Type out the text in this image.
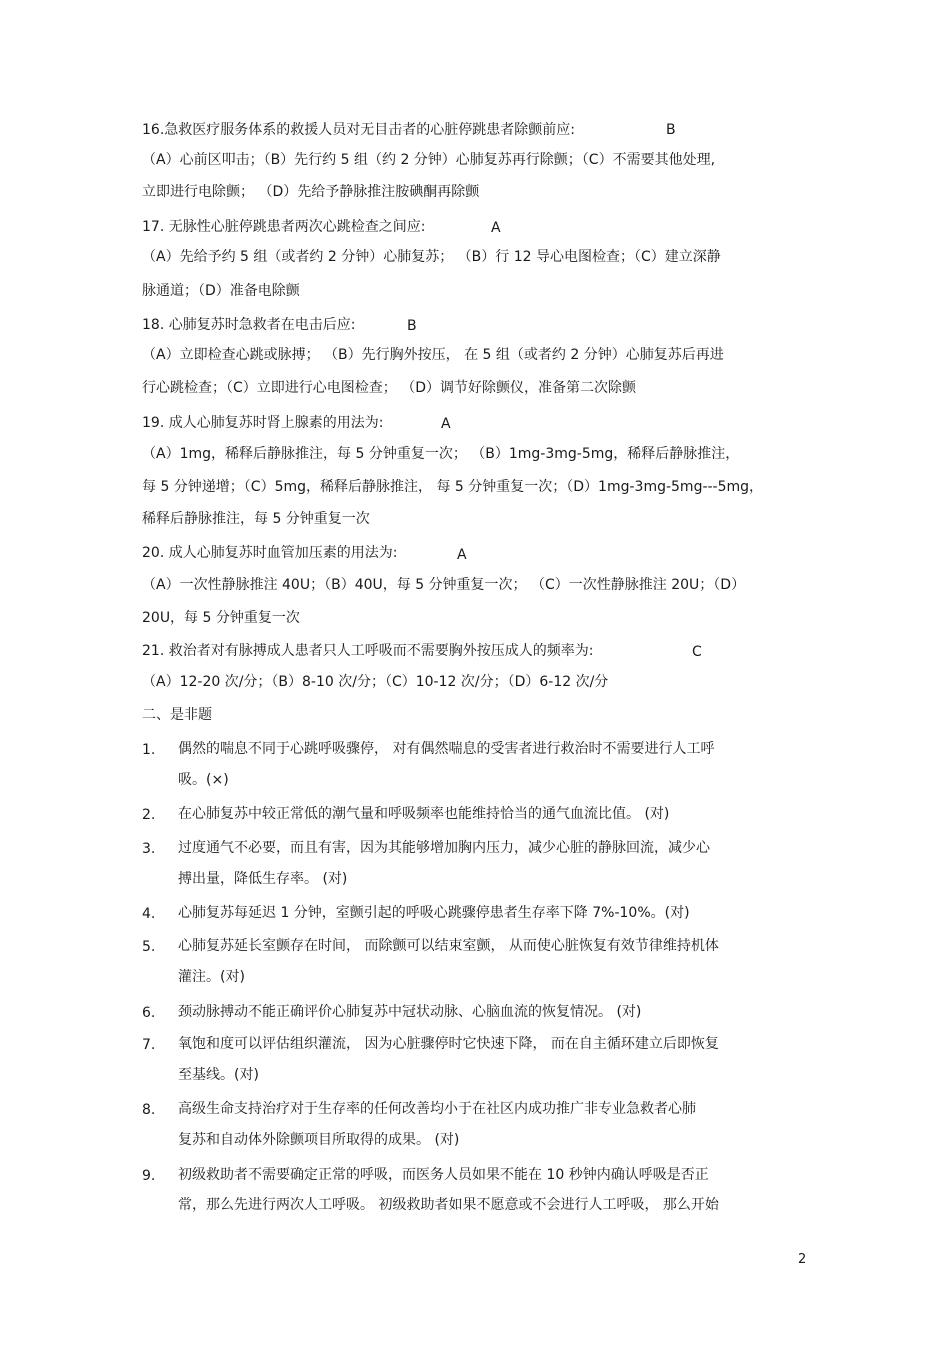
16.急救医疗服务体系的救援人员对无目击者的心脏停跳患者除颤前应:	B
（A）心前区叩击；（B）先行约 5 组（约 2 分钟）心肺复苏再行除颤；（C）不需要其他处理,
立即进行电除颤； （D）先给予静脉推注胺碘酮再除颤
17. 无脉性心脏停跳患者两次心跳检查之间应:	A
（A）先给予约 5 组（或者约 2 分钟）心肺复苏； （B）行 12 导心电图检查；（C）建立深静
脉通道；（D）准备电除颤
18. 心肺复苏时急救者在电击后应:	B
（A）立即检查心跳或脉搏； （B）先行胸外按压， 在 5 组（或者约 2 分钟）心肺复苏后再进
行心跳检查；（C）立即进行心电图检查； （D）调节好除颤仪，准备第二次除颤
19. 成人心肺复苏时肾上腺素的用法为:	A
（A）1mg，稀释后静脉推注，每 5 分钟重复一次； （B）1mg-3mg-5mg，稀释后静脉推注，
每 5 分钟递增；（C）5mg，稀释后静脉推注， 每 5 分钟重复一次；（D）1mg-3mg-5mg---5mg，
稀释后静脉推注，每 5 分钟重复一次
20. 成人心肺复苏时血管加压素的用法为:	A
（A）一次性静脉推注 40U；（B）40U，每 5 分钟重复一次； （C）一次性静脉推注 20U；（D）
20U，每 5 分钟重复一次
21. 救治者对有脉搏成人患者只人工呼吸而不需要胸外按压成人的频率为:	C
（A）12-20 次/分；（B）8-10 次/分；（C）10-12 次/分；（D）6-12 次/分
二、是非题
1. 偶然的喘息不同于心跳呼吸骤停， 对有偶然喘息的受害者进行救治时不需要进行人工呼
吸。(×)
2. 在心肺复苏中较正常低的潮气量和呼吸频率也能维持恰当的通气血流比值。 (对)
3. 过度通气不必要，而且有害，因为其能够增加胸内压力，减少心脏的静脉回流，减少心
搏出量，降低生存率。 (对)
4. 心肺复苏每延迟 1 分钟，室颤引起的呼吸心跳骤停患者生存率下降 7%-10%。(对)
5. 心肺复苏延长室颤存在时间， 而除颤可以结束室颤， 从而使心脏恢复有效节律维持机体
灌注。(对)
6. 颈动脉搏动不能正确评价心肺复苏中冠状动脉、心脑血流的恢复情况。 (对)
7. 氧饱和度可以评估组织灌流， 因为心脏骤停时它快速下降， 而在自主循环建立后即恢复
至基线。(对)
8. 高级生命支持治疗对于生存率的任何改善均小于在社区内成功推广非专业急救者心肺
复苏和自动体外除颤项目所取得的成果。 (对)
9. 初级救助者不需要确定正常的呼吸，而医务人员如果不能在 10 秒钟内确认呼吸是否正
常，那么先进行两次人工呼吸。 初级救助者如果不愿意或不会进行人工呼吸， 那么开始
2
